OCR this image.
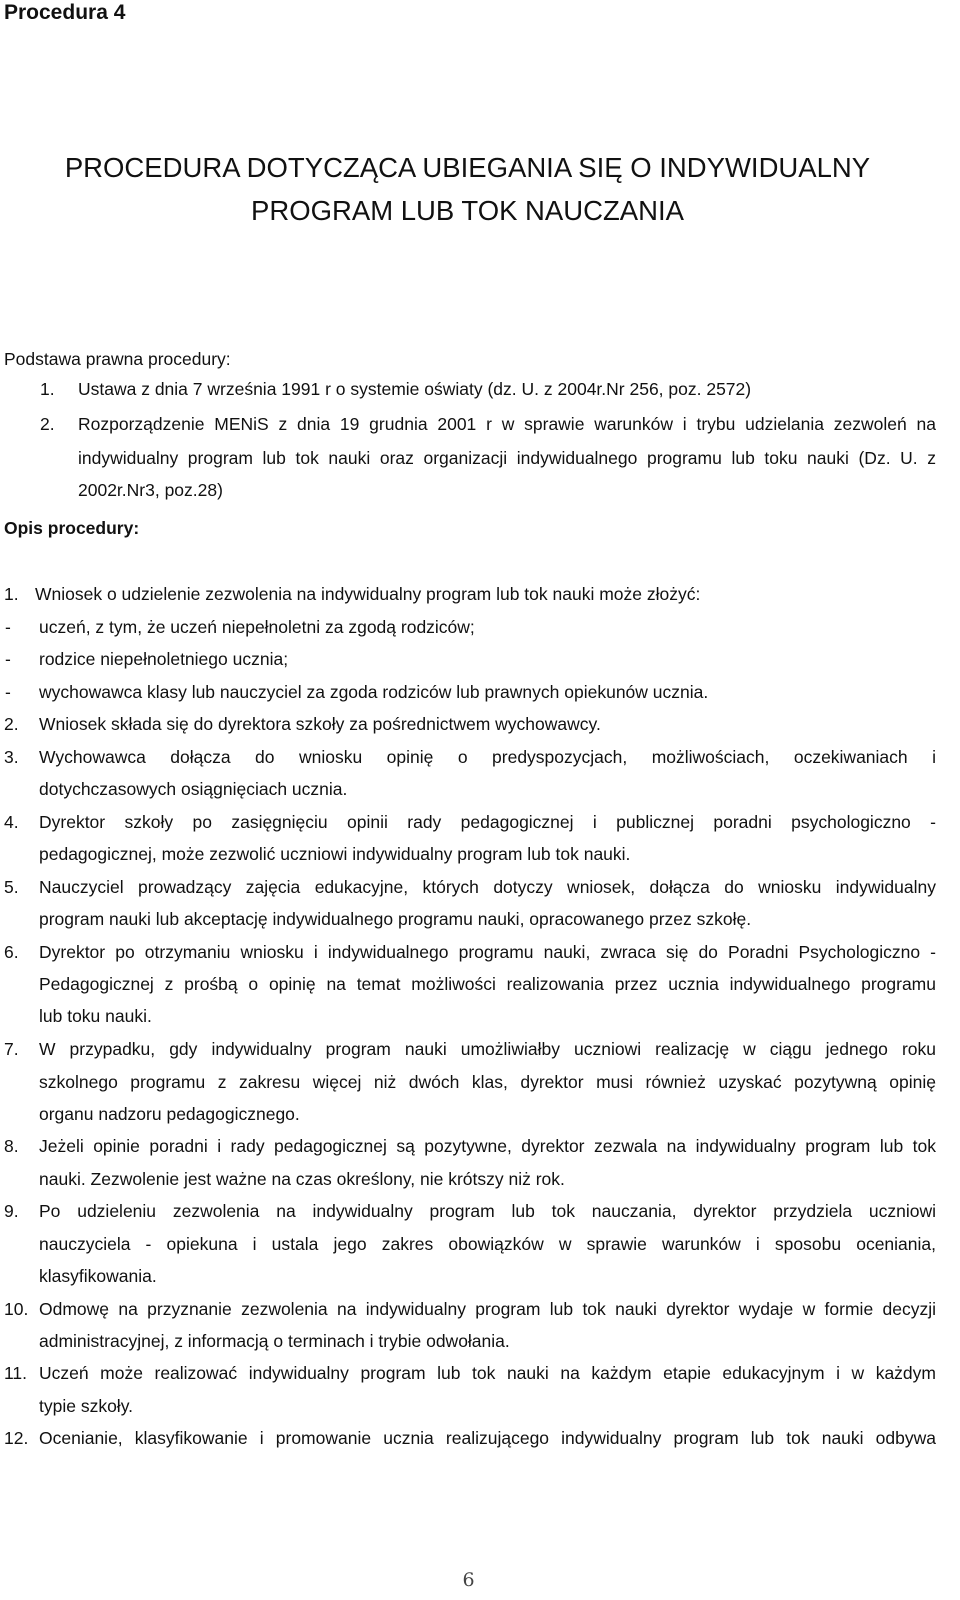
Procedura 4
PROCEDURA DOTYCZĄCA UBIEGANIA SIĘ O INDYWIDUALNY
PROGRAM LUB TOK NAUCZANIA
Podstawa prawna procedury:
1. Ustawa z dnia 7 września 1991 r o systemie oświaty (dz. U. z 2004r.Nr 256, poz. 2572)
2. Rozporządzenie MENiS z dnia 19 grudnia 2001 r w sprawie warunków i trybu udzielania zezwoleń na
indywidualny program lub tok nauki oraz organizacji indywidualnego programu lub toku nauki (Dz. U. z
2002r.Nr3, poz.28)
Opis procedury:
1. Wniosek o udzielenie zezwolenia na indywidualny program lub tok nauki może złożyć:
- uczeń, z tym, że uczeń niepełnoletni za zgodą rodziców;
- rodzice niepełnoletniego ucznia;
- wychowawca klasy lub nauczyciel za zgoda rodziców lub prawnych opiekunów ucznia.
2. Wniosek składa się do dyrektora szkoły za pośrednictwem wychowawcy.
3. Wychowawca dołącza do wniosku opinię o predyspozycjach, możliwościach, oczekiwaniach i
dotychczasowych osiągnięciach ucznia.
4. Dyrektor szkoły po zasięgnięciu opinii rady pedagogicznej i publicznej poradni psychologiczno -
pedagogicznej, może zezwolić uczniowi indywidualny program lub tok nauki.
5. Nauczyciel prowadzący zajęcia edukacyjne, których dotyczy wniosek, dołącza do wniosku indywidualny
program nauki lub akceptację indywidualnego programu nauki, opracowanego przez szkołę.
6. Dyrektor po otrzymaniu wniosku i indywidualnego programu nauki, zwraca się do Poradni Psychologiczno -
Pedagogicznej z prośbą o opinię na temat możliwości realizowania przez ucznia indywidualnego programu
lub toku nauki.
7. W przypadku, gdy indywidualny program nauki umożliwiałby uczniowi realizację w ciągu jednego roku
szkolnego programu z zakresu więcej niż dwóch klas, dyrektor musi również uzyskać pozytywną opinię
organu nadzoru pedagogicznego.
8. Jeżeli opinie poradni i rady pedagogicznej są pozytywne, dyrektor zezwala na indywidualny program lub tok
nauki. Zezwolenie jest ważne na czas określony, nie krótszy niż rok.
9. Po udzieleniu zezwolenia na indywidualny program lub tok nauczania, dyrektor przydziela uczniowi
nauczyciela - opiekuna i ustala jego zakres obowiązków w sprawie warunków i sposobu oceniania,
klasyfikowania.
10. Odmowę na przyznanie zezwolenia na indywidualny program lub tok nauki dyrektor wydaje w formie decyzji
administracyjnej, z informacją o terminach i trybie odwołania.
11. Uczeń może realizować indywidualny program lub tok nauki na każdym etapie edukacyjnym i w każdym
typie szkoły.
12. Ocenianie, klasyfikowanie i promowanie ucznia realizującego indywidualny program lub tok nauki odbywa
6
